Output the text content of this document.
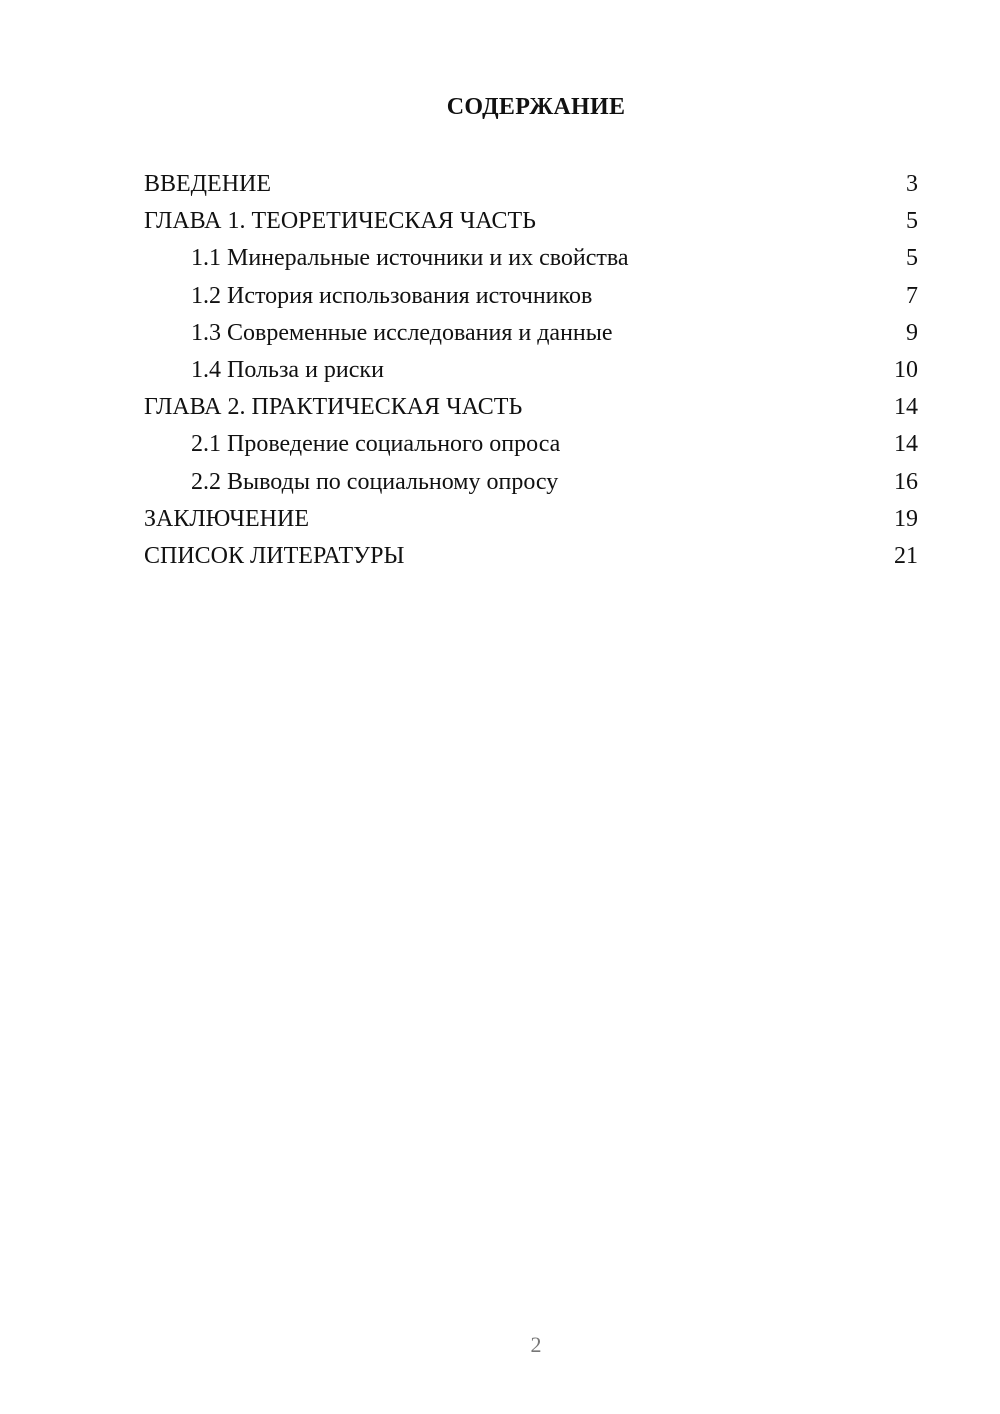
СОДЕРЖАНИЕ
ВВЕДЕНИЕ	3
ГЛАВА 1. ТЕОРЕТИЧЕСКАЯ ЧАСТЬ	5
1.1 Минеральные источники и их свойства	5
1.2 История использования источников	7
1.3 Современные исследования и данные	9
1.4 Польза и риски	10
ГЛАВА 2. ПРАКТИЧЕСКАЯ ЧАСТЬ	14
2.1 Проведение социального опроса	14
2.2 Выводы по социальному опросу	16
ЗАКЛЮЧЕНИЕ	19
СПИСОК ЛИТЕРАТУРЫ	21
2
